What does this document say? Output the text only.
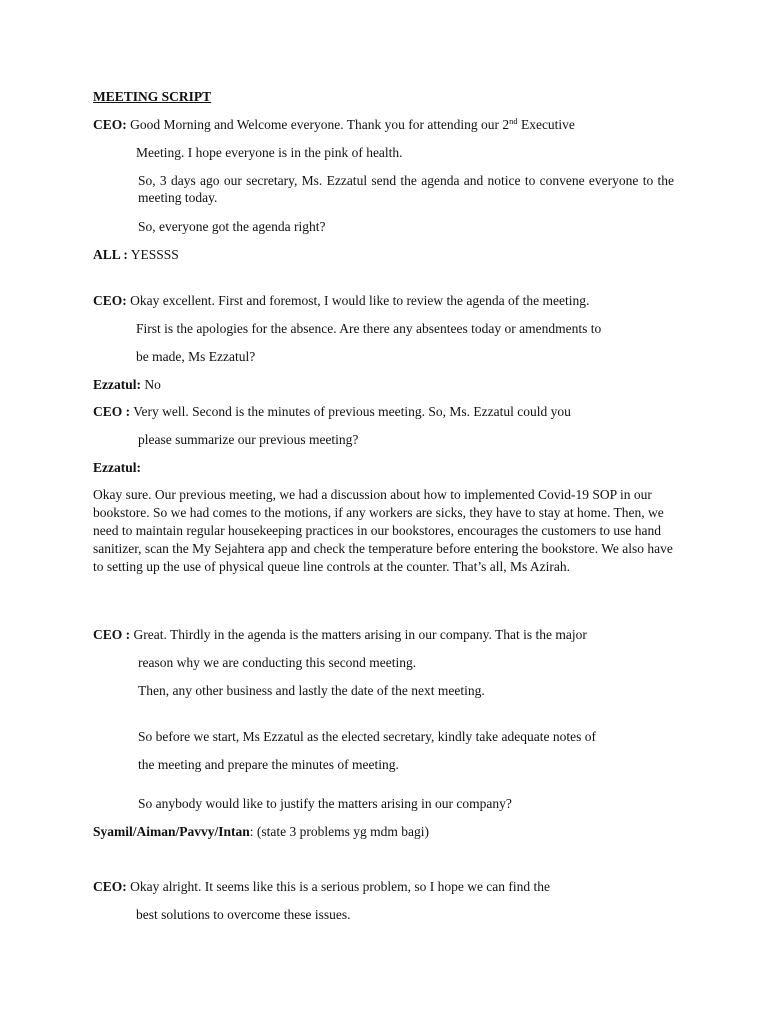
MEETING SCRIPT
CEO: Good Morning and Welcome everyone. Thank you for attending our 2nd Executive
Meeting. I hope everyone is in the pink of health.
So, 3 days ago our secretary, Ms. Ezzatul send the agenda and notice to convene everyone to the meeting today.
So, everyone got the agenda right?
ALL : YESSSS
CEO: Okay excellent. First and foremost, I would like to review the agenda of the meeting.
First is the apologies for the absence. Are there any absentees today or amendments to
be made, Ms Ezzatul?
Ezzatul: No
CEO : Very well. Second is the minutes of previous meeting. So, Ms. Ezzatul could you
please summarize our previous meeting?
Ezzatul:
Okay sure. Our previous meeting, we had a discussion about how to implemented Covid-19 SOP in our bookstore. So we had comes to the motions, if any workers are sicks, they have to stay at home. Then, we need to maintain regular housekeeping practices in our bookstores, encourages the customers to use hand sanitizer, scan the My Sejahtera app and check the temperature before entering the bookstore. We also have to setting up the use of physical queue line controls at the counter. That’s all, Ms Azirah.
CEO : Great. Thirdly in the agenda is the matters arising in our company. That is the major
reason why we are conducting this second meeting.
Then, any other business and lastly the date of the next meeting.
So before we start, Ms Ezzatul as the elected secretary, kindly take adequate notes of
the meeting and prepare the minutes of meeting.
So anybody would like to justify the matters arising in our company?
Syamil/Aiman/Pavvy/Intan: (state 3 problems yg mdm bagi)
CEO: Okay alright. It seems like this is a serious problem, so I hope we can find the
best solutions to overcome these issues.
